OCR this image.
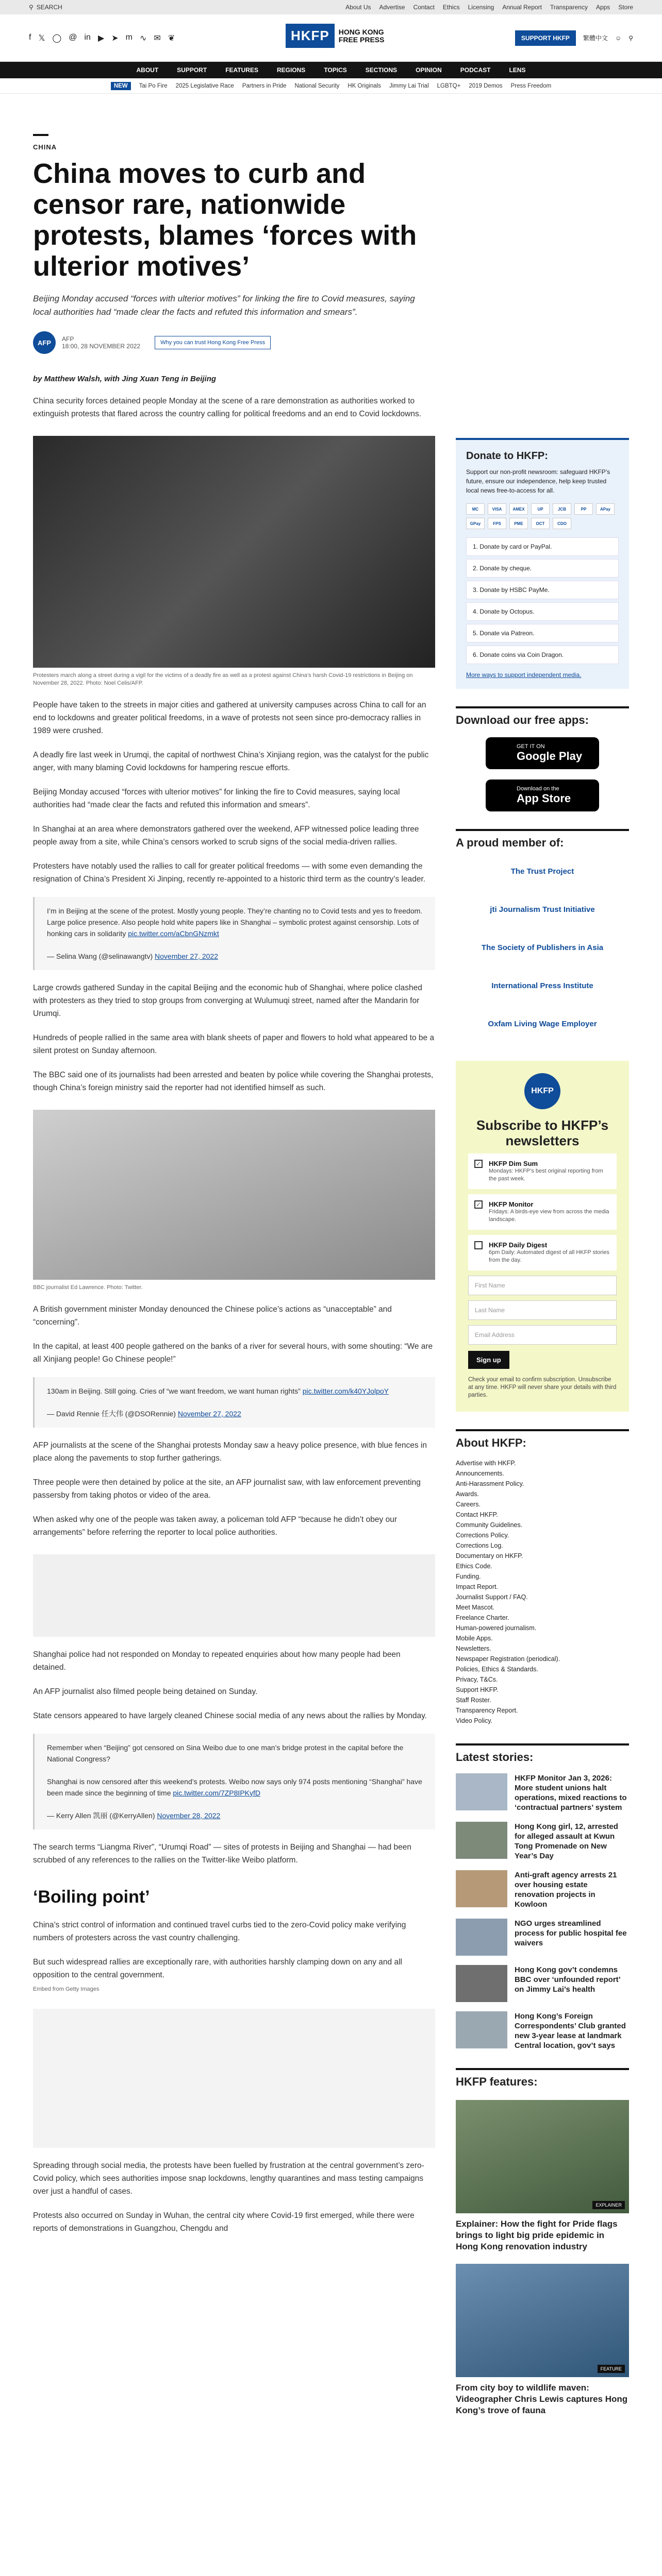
⚲ SEARCH	About Us Advertise Contact Ethics Licensing Annual Report Transparency Apps Store
f 𝕏 ◯ @ in ▶ ➤ m ∿ ✉ ❦	SUPPORT HKFP	繁體中文 ☺ ⚲
HKFP	HONG KONG
FREE PRESS
ABOUT	SUPPORT	FEATURES	REGIONS	TOPICS	SECTIONS	OPINION	PODCAST	LENS
NEW	Tai Po Fire 2025 Legislative Race Partners in Pride National Security HK Originals Jimmy Lai Trial LGBTQ+ 2019 Demos Press Freedom
CHINA
China moves to curb and censor rare, nationwide protests, blames ‘forces with ulterior motives’
Beijing Monday accused “forces with ulterior motives” for linking the fire to Covid measures, saying local authorities had “made clear the facts and refuted this information and smears”.
AFP	AFP
18:00, 28 NOVEMBER 2022	Why you can trust Hong Kong Free Press
by Matthew Walsh, with Jing Xuan Teng in Beijing

China security forces detained people Monday at the scene of a rare demonstration as authorities worked to extinguish protests that flared across the country calling for political freedoms and an end to Covid lockdowns.

Protesters march along a street during a vigil for the victims of a deadly fire as well as a protest against China’s harsh Covid-19 restrictions in Beijing on November 28, 2022. Photo: Noel Celis/AFP.

People have taken to the streets in major cities and gathered at university campuses across China to call for an end to lockdowns and greater political freedoms, in a wave of protests not seen since pro-democracy rallies in 1989 were crushed.

A deadly fire last week in Urumqi, the capital of northwest China’s Xinjiang region, was the catalyst for the public anger, with many blaming Covid lockdowns for hampering rescue efforts.

Beijing Monday accused “forces with ulterior motives” for linking the fire to Covid measures, saying local authorities had “made clear the facts and refuted this information and smears”.

In Shanghai at an area where demonstrators gathered over the weekend, AFP witnessed police leading three people away from a site, while China’s censors worked to scrub signs of the social media-driven rallies.

Protesters have notably used the rallies to call for greater political freedoms — with some even demanding the resignation of China’s President Xi Jinping, recently re-appointed to a historic third term as the country’s leader.

I’m in Beijing at the scene of the protest. Mostly young people. They’re chanting no to Covid tests and yes to freedom. Large police presence. Also people hold white papers like in Shanghai – symbolic protest against censorship. Lots of honking cars in solidarity pic.twitter.com/aCbnGNzmkt

— Selina Wang (@selinawangtv) November 27, 2022

Large crowds gathered Sunday in the capital Beijing and the economic hub of Shanghai, where police clashed with protesters as they tried to stop groups from converging at Wulumuqi street, named after the Mandarin for Urumqi.

Hundreds of people rallied in the same area with blank sheets of paper and flowers to hold what appeared to be a silent protest on Sunday afternoon.

The BBC said one of its journalists had been arrested and beaten by police while covering the Shanghai protests, though China’s foreign ministry said the reporter had not identified himself as such.

BBC journalist Ed Lawrence. Photo: Twitter.

A British government minister Monday denounced the Chinese police’s actions as “unacceptable” and “concerning”.

In the capital, at least 400 people gathered on the banks of a river for several hours, with some shouting: “We are all Xinjiang people! Go Chinese people!”

130am in Beijing. Still going. Cries of “we want freedom, we want human rights” pic.twitter.com/k40YJolpoY

— David Rennie 任大伟 (@DSORennie) November 27, 2022

AFP journalists at the scene of the Shanghai protests Monday saw a heavy police presence, with blue fences in place along the pavements to stop further gatherings.

Three people were then detained by police at the site, an AFP journalist saw, with law enforcement preventing passersby from taking photos or video of the area.

When asked why one of the people was taken away, a policeman told AFP “because he didn’t obey our arrangements” before referring the reporter to local police authorities.

Shanghai police had not responded on Monday to repeated enquiries about how many people had been detained.

An AFP journalist also filmed people being detained on Sunday.

State censors appeared to have largely cleaned Chinese social media of any news about the rallies by Monday.

Remember when “Beijing” got censored on Sina Weibo due to one man’s bridge protest in the capital before the National Congress?

Shanghai is now censored after this weekend’s protests. Weibo now says only 974 posts mentioning “Shanghai” have been made since the beginning of time pic.twitter.com/7ZP8IPKyfD

— Kerry Allen 凯丽 (@KerryAllen) November 28, 2022

The search terms “Liangma River”, “Urumqi Road” — sites of protests in Beijing and Shanghai — had been scrubbed of any references to the rallies on the Twitter-like Weibo platform.

‘Boiling point’

China’s strict control of information and continued travel curbs tied to the zero-Covid policy make verifying numbers of protesters across the vast country challenging.

But such widespread rallies are exceptionally rare, with authorities harshly clamping down on any and all opposition to the central government.

Embed from Getty Images

Spreading through social media, the protests have been fuelled by frustration at the central government’s zero-Covid policy, which sees authorities impose snap lockdowns, lengthy quarantines and mass testing campaigns over just a handful of cases.

Protests also occurred on Sunday in Wuhan, the central city where Covid-19 first emerged, while there were reports of demonstrations in Guangzhou, Chengdu and

Donate to HKFP:
Support our non-profit newsroom: safeguard HKFP’s future, ensure our independence, help keep trusted local news free-to-access for all.
MC	VISA	AMEX	UP	JCB	PP	APay
GPay	FPS	PME	OCT	CDO
1. Donate by card or PayPal.
2. Donate by cheque.
3. Donate by HSBC PayMe.
4. Donate by Octopus.
5. Donate via Patreon.
6. Donate coins via Coin Dragon.
More ways to support independent media.
Download our free apps:
GET IT ON
Google Play
Download on the
App Store
A proud member of:
The Trust Project
jti Journalism Trust Initiative
The Society of Publishers in Asia
International Press Institute
Oxfam Living Wage Employer
HKFP
Subscribe to HKFP’s newsletters
✓ HKFP Dim Sum
Mondays: HKFP’s best original reporting from the past week.
✓ HKFP Monitor
Fridays: A birds-eye view from across the media landscape.
HKFP Daily Digest
6pm Daily: Automated digest of all HKFP stories from the day.
First Name
Last Name
Email Address
Sign up
Check your email to confirm subscription. Unsubscribe at any time. HKFP will never share your details with third parties.
About HKFP:
Advertise with HKFP.
Announcements.
Anti-Harassment Policy.
Awards.
Careers.
Contact HKFP.
Community Guidelines.
Corrections Policy.
Corrections Log.
Documentary on HKFP.
Ethics Code.
Funding.
Impact Report.
Journalist Support / FAQ.
Meet Mascot.
Freelance Charter.
Human-powered journalism.
Mobile Apps.
Newsletters.
Newspaper Registration (periodical).
Policies, Ethics & Standards.
Privacy, T&Cs.
Support HKFP.
Staff Roster.
Transparency Report.
Video Policy.
Latest stories:
HKFP Monitor Jan 3, 2026: More student unions halt operations, mixed reactions to ‘contractual partners’ system
Hong Kong girl, 12, arrested for alleged assault at Kwun Tong Promenade on New Year’s Day
Anti-graft agency arrests 21 over housing estate renovation projects in Kowloon
NGO urges streamlined process for public hospital fee waivers
Hong Kong gov’t condemns BBC over ‘unfounded report’ on Jimmy Lai’s health
Hong Kong’s Foreign Correspondents’ Club granted new 3-year lease at landmark Central location, gov’t says
HKFP features:
EXPLAINER
Explainer: How the fight for Pride flags brings to light big pride epidemic in Hong Kong renovation industry
FEATURE
From city boy to wildlife maven: Videographer Chris Lewis captures Hong Kong’s trove of fauna
